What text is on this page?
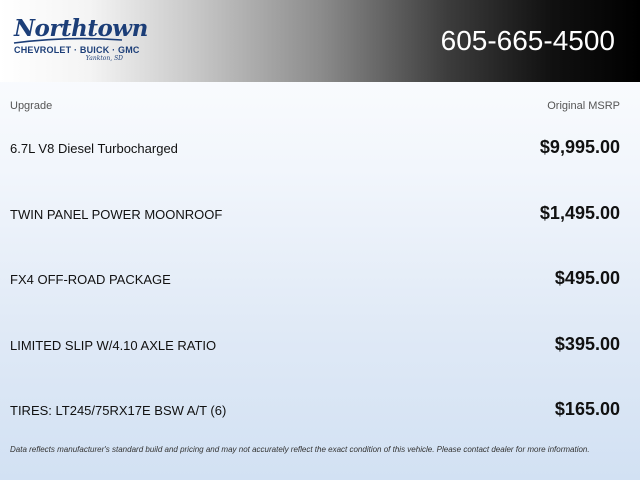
Northtown
CHEVROLET · BUICK · GMC
Yankton, SD
605-665-4500
Upgrade	Original MSRP
6.7L V8 Diesel Turbocharged	$9,995.00
TWIN PANEL POWER MOONROOF	$1,495.00
FX4 OFF-ROAD PACKAGE	$495.00
LIMITED SLIP W/4.10 AXLE RATIO	$395.00
TIRES: LT245/75RX17E BSW A/T (6)	$165.00
Data reflects manufacturer's standard build and pricing and may not accurately reflect the exact condition of this vehicle. Please contact dealer for more information.
